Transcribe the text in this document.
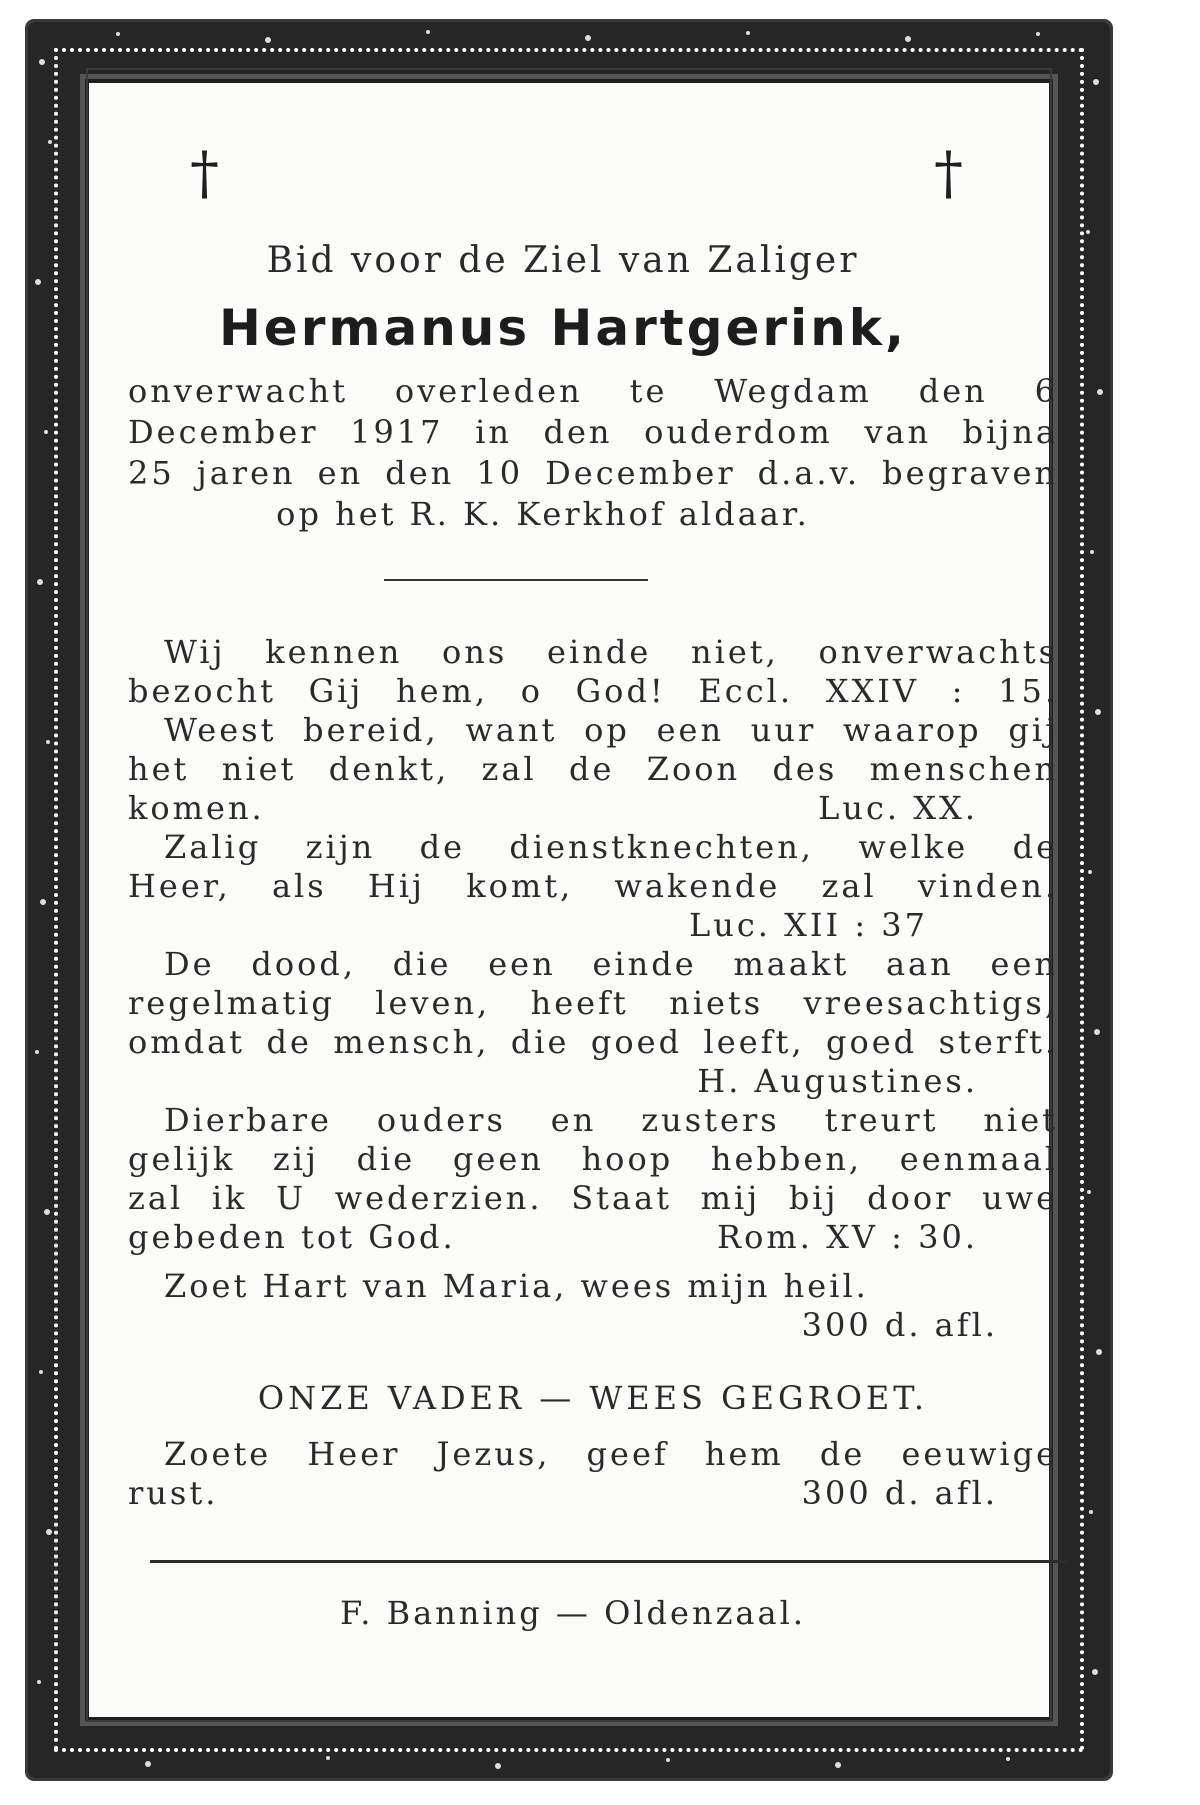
†	†
Bid voor de Ziel van Zaliger
Hermanus Hartgerink,
onverwacht overleden te Wegdam den 6
December 1917 in den ouderdom van bijna
25 jaren en den 10 December d.a.v. begraven
op het R. K. Kerkhof aldaar.
Wij kennen ons einde niet, onverwachts
bezocht Gij hem, o God! Eccl. XXIV : 15.
Weest bereid, want op een uur waarop gij
het niet denkt, zal de Zoon des menschen
komen.	Luc. XX.
Zalig zijn de dienstknechten, welke de
Heer, als Hij komt, wakende zal vinden.
Luc. XII : 37
De dood, die een einde maakt aan een
regelmatig leven, heeft niets vreesachtigs,
omdat de mensch, die goed leeft, goed sterft.
H. Augustines.
Dierbare ouders en zusters treurt niet
gelijk zij die geen hoop hebben, eenmaal
zal ik U wederzien. Staat mij bij door uwe
gebeden tot God.	Rom. XV : 30.
Zoet Hart van Maria, wees mijn heil.
300 d. afl.
ONZE VADER — WEES GEGROET.
Zoete Heer Jezus, geef hem de eeuwige
rust.	300 d. afl.
F. Banning — Oldenzaal.
